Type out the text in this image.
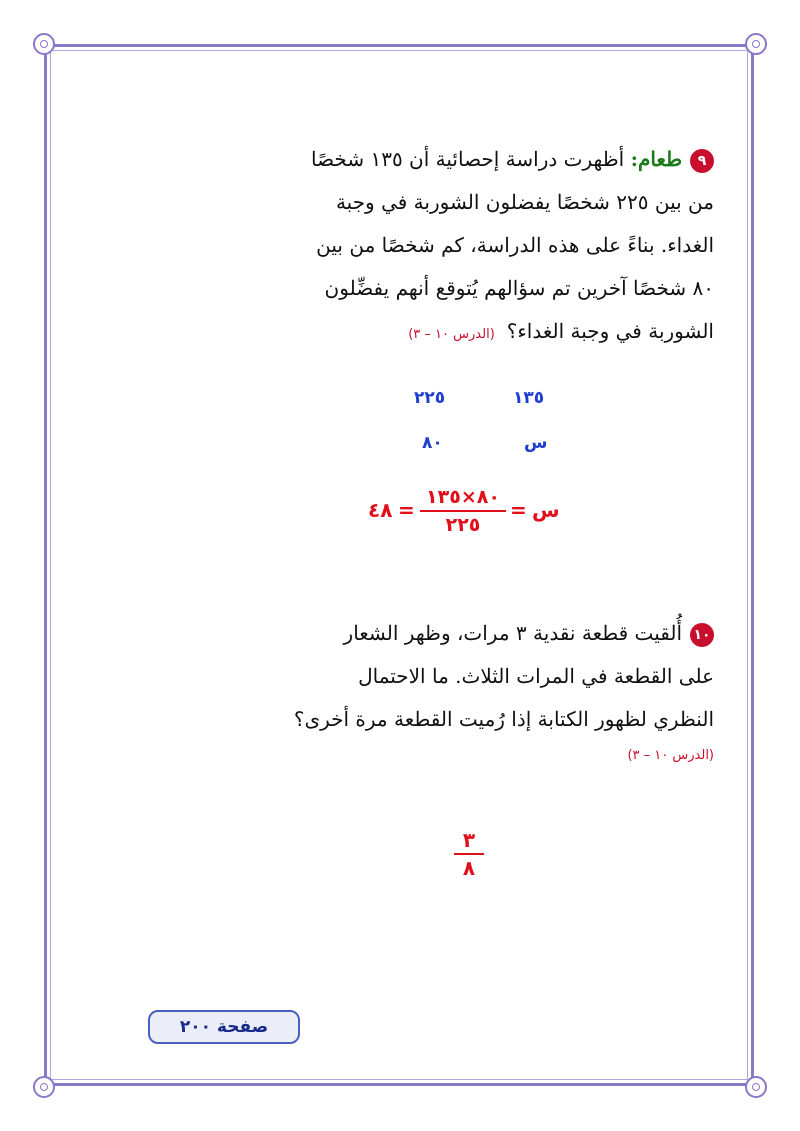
٩طعام: أظهرت دراسة إحصائية أن ١٣٥ شخصًا
من بين ٢٢٥ شخصًا يفضلون الشوربة في وجبة
الغداء. بناءً على هذه الدراسة، كم شخصًا من بين
٨٠ شخصًا آخرين تم سؤالهم يُتوقع أنهم يفضِّلون
الشوربة في وجبة الغداء؟(الدرس ١٠ – ٣)
١٣٥
٢٢٥
س
٨٠
٤٨ =
٨٠×١٣٥
٢٢٥
= س
١٠أُلقيت قطعة نقدية ٣ مرات، وظهر الشعار
على القطعة في المرات الثلاث. ما الاحتمال
النظري لظهور الكتابة إذا رُميت القطعة مرة أخرى؟
(الدرس ١٠ – ٣)
٣
٨
صفحة ٢٠٠
